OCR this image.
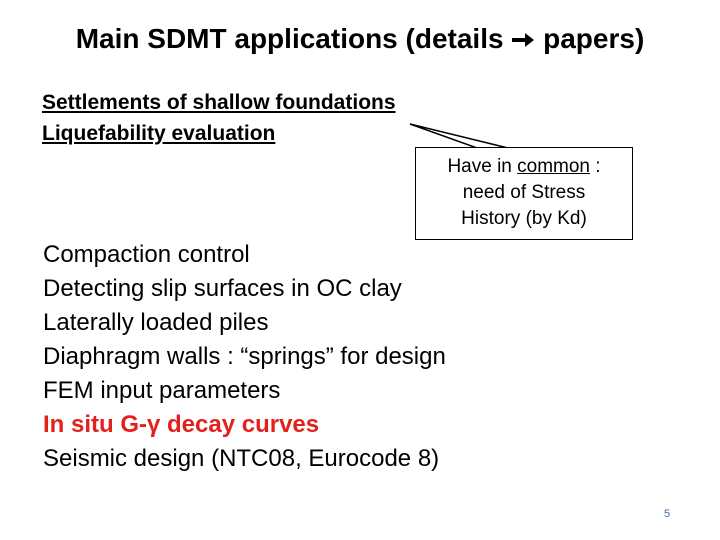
Main SDMT applications (details papers)
Settlements of shallow foundations
Liquefability evaluation
Have in common :
need of Stress
History (by Kd)
Compaction control
Detecting slip surfaces in OC clay
Laterally loaded piles
Diaphragm walls : “springs” for design
FEM input parameters
In situ G-γ decay curves
Seismic design (NTC08, Eurocode 8)
5
